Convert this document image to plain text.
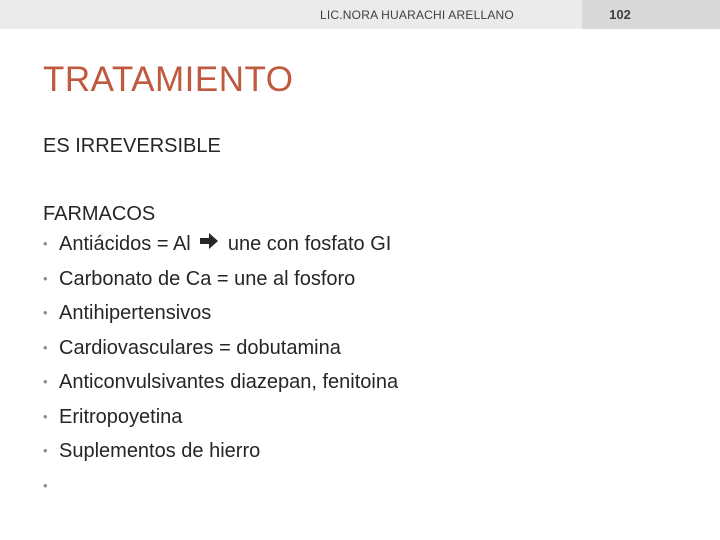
LIC.NORA HUARACHI ARELLANO	102
TRATAMIENTO
ES IRREVERSIBLE
FARMACOS
• Antiácidos = Al une con fosfato GI
• Carbonato de Ca = une al fosforo
• Antihipertensivos
• Cardiovasculares = dobutamina
• Anticonvulsivantes diazepan, fenitoina
• Eritropoyetina
• Suplementos de hierro
•
